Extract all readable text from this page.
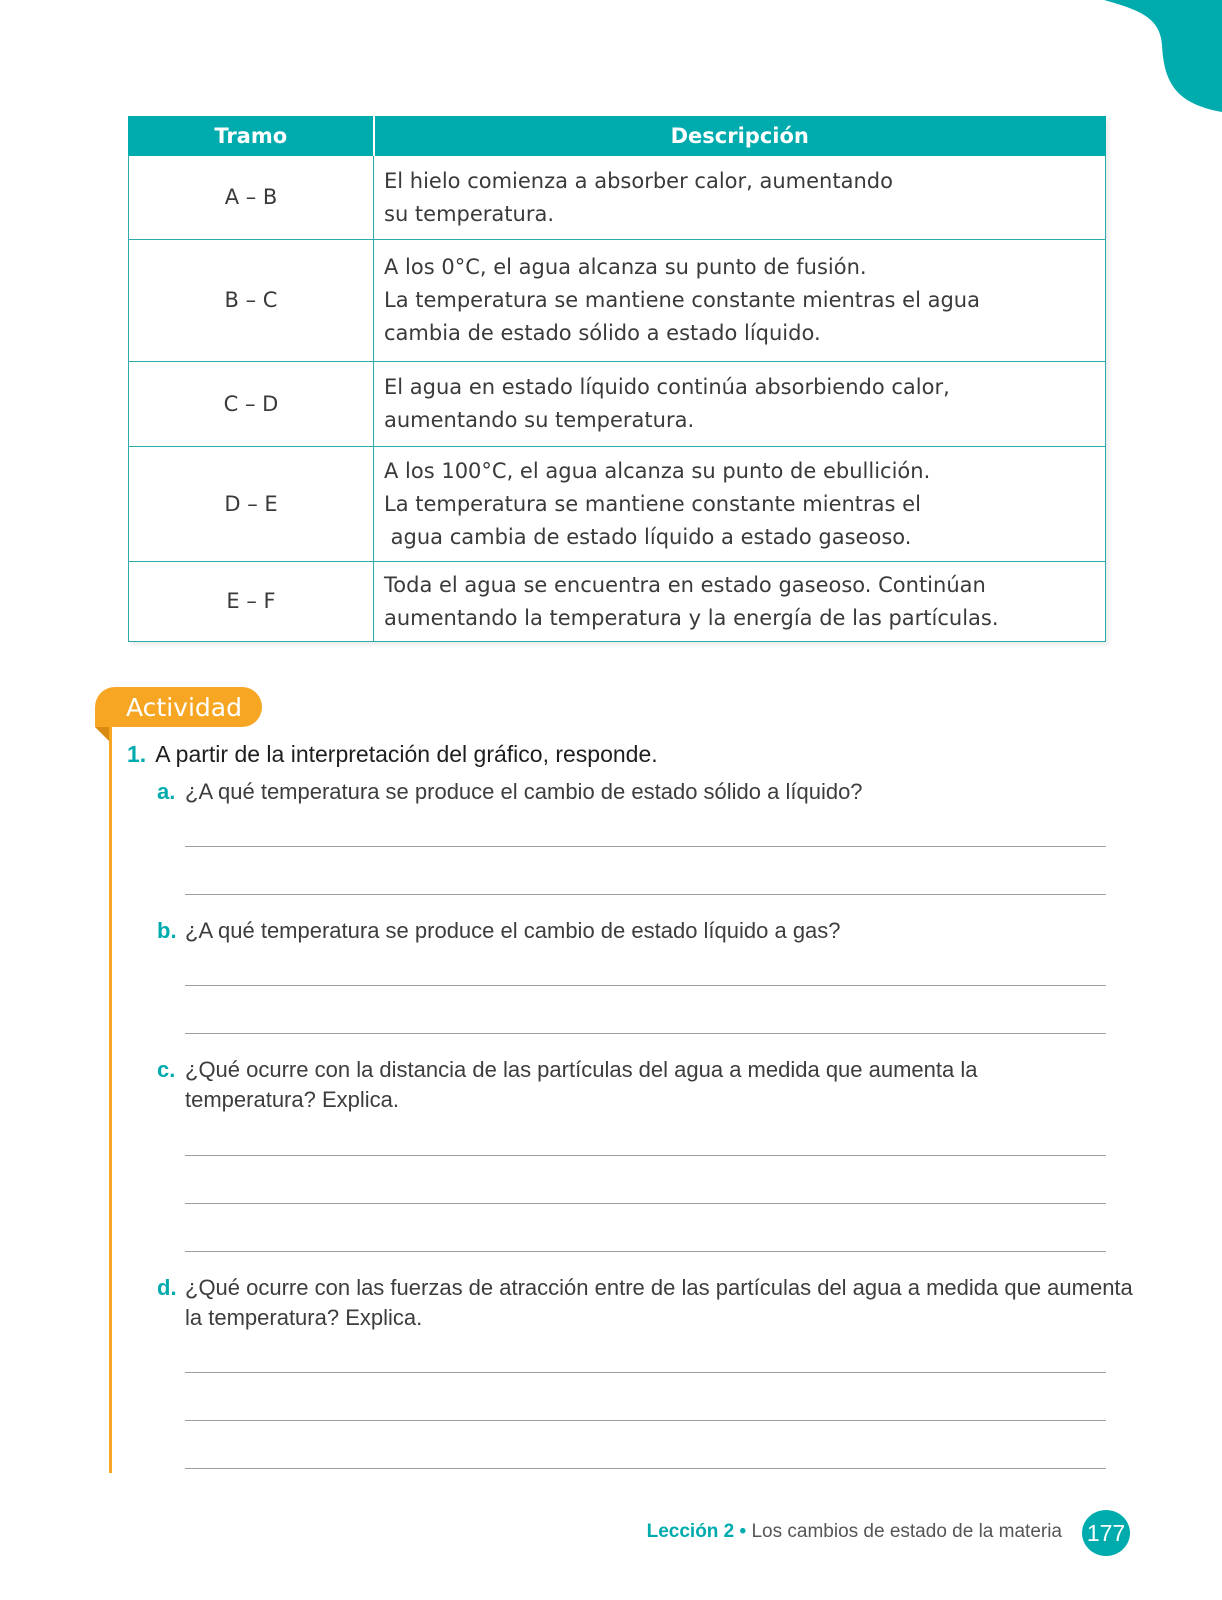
Tramo	Descripción
A – B	El hielo comienza a absorber calor, aumentando
su temperatura.

B – C	A los 0°C, el agua alcanza su punto de fusión.
La temperatura se mantiene constante mientras el agua
cambia de estado sólido a estado líquido.

C – D	El agua en estado líquido continúa absorbiendo calor,
aumentando su temperatura.

D – E	A los 100°C, el agua alcanza su punto de ebullición.
La temperatura se mantiene constante mientras el
agua cambia de estado líquido a estado gaseoso.

E – F	Toda el agua se encuentra en estado gaseoso. Continúan
aumentando la temperatura y la energía de las partículas.
Actividad
1. A partir de la interpretación del gráfico, responde.
a. ¿A qué temperatura se produce el cambio de estado sólido a líquido?
b. ¿A qué temperatura se produce el cambio de estado líquido a gas?
c. ¿Qué ocurre con la distancia de las partículas del agua a medida que aumenta la
temperatura? Explica.
d. ¿Qué ocurre con las fuerzas de atracción entre de las partículas del agua a medida que aumenta
la temperatura? Explica.
Lección 2 • Los cambios de estado de la materia 177
